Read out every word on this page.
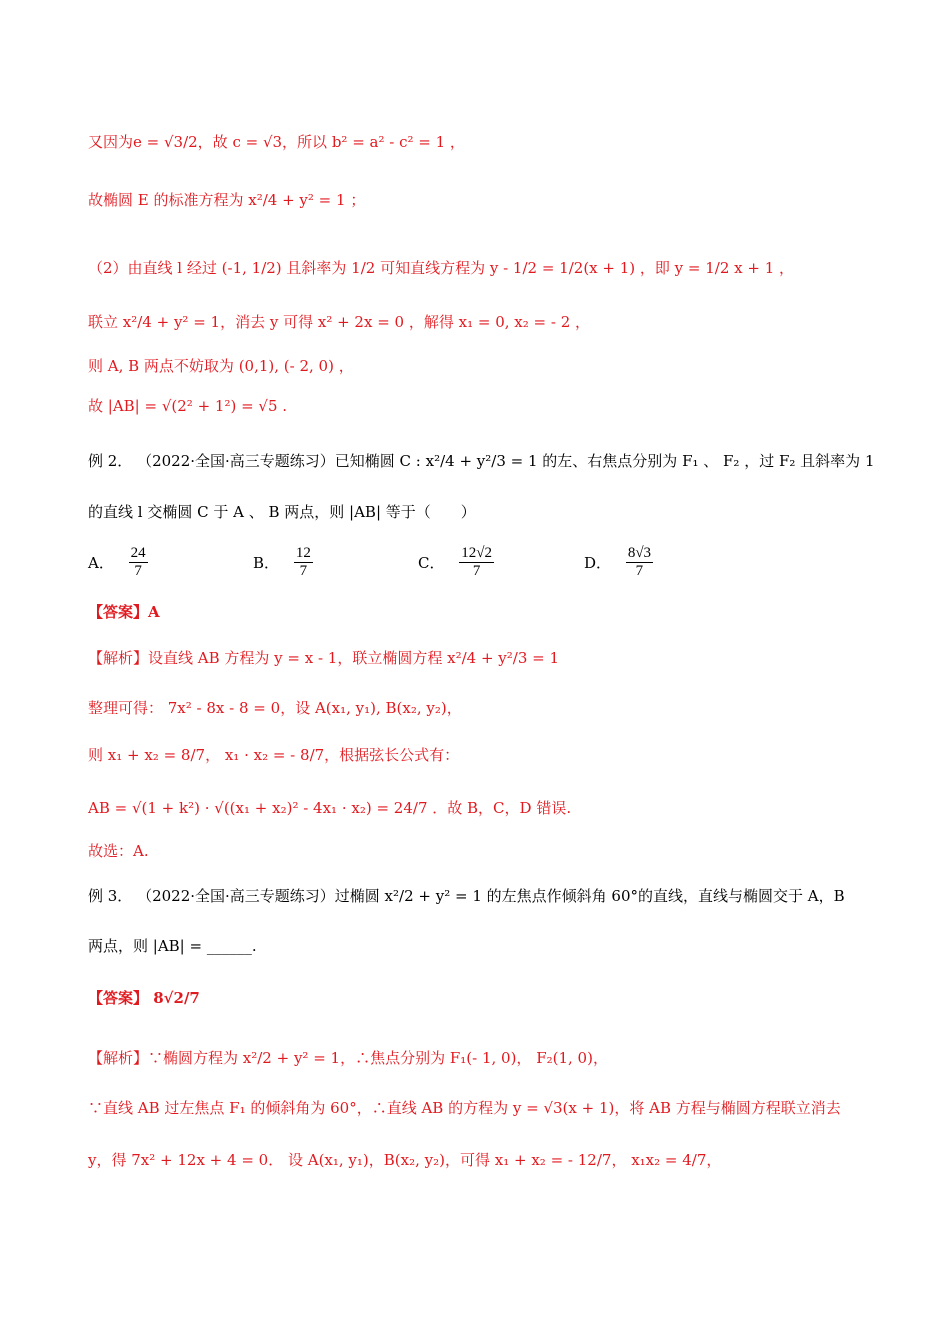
又因为e = √3/2，故 c = √3，所以 b² = a² - c² = 1 ，
故椭圆 E 的标准方程为 x²/4 + y² = 1 ；
（2）由直线 l 经过 (-1, 1/2) 且斜率为 1/2 可知直线方程为 y - 1/2 = 1/2(x + 1) ，即 y = 1/2 x + 1 ，
联立 x²/4 + y² = 1，消去 y 可得 x² + 2x = 0 ，解得 x₁ = 0, x₂ = - 2 ，
则 A, B 两点不妨取为 (0,1), (- 2, 0) ，
故 |AB| = √(2² + 1²) = √5 .
例 2． （2022·全国·高三专题练习）已知椭圆 C : x²/4 + y²/3 = 1 的左、右焦点分别为 F₁ 、 F₂ ，过 F₂ 且斜率为 1
的直线 l 交椭圆 C 于 A 、 B 两点，则 |AB| 等于（　　）
A． $\frac{24}{7}$	B． $\frac{12}{7}$	C． $\frac{12√2}{7}$	D． $\frac{8√3}{7}$
【答案】A
【解析】设直线 AB 方程为 y = x - 1，联立椭圆方程 x²/4 + y²/3 = 1
整理可得： 7x² - 8x - 8 = 0，设 A(x₁, y₁), B(x₂, y₂)，
则 x₁ + x₂ = 8/7， x₁ · x₂ = - 8/7，根据弦长公式有：
AB = √(1 + k²) · √((x₁ + x₂)² - 4x₁ · x₂) = 24/7 ．故 B，C，D 错误.
故选：A.
例 3． （2022·全国·高三专题练习）过椭圆 x²/2 + y² = 1 的左焦点作倾斜角 60°的直线，直线与椭圆交于 A，B
两点，则 |AB| = ______.
【答案】 8√2/7
【解析】∵椭圆方程为 x²/2 + y² = 1，∴焦点分别为 F₁(- 1, 0)， F₂(1, 0)，
∵直线 AB 过左焦点 F₁ 的倾斜角为 60°，∴直线 AB 的方程为 y = √3(x + 1)，将 AB 方程与椭圆方程联立消去
y，得 7x² + 12x + 4 = 0． 设 A(x₁, y₁)，B(x₂, y₂)，可得 x₁ + x₂ = - 12/7， x₁x₂ = 4/7，
